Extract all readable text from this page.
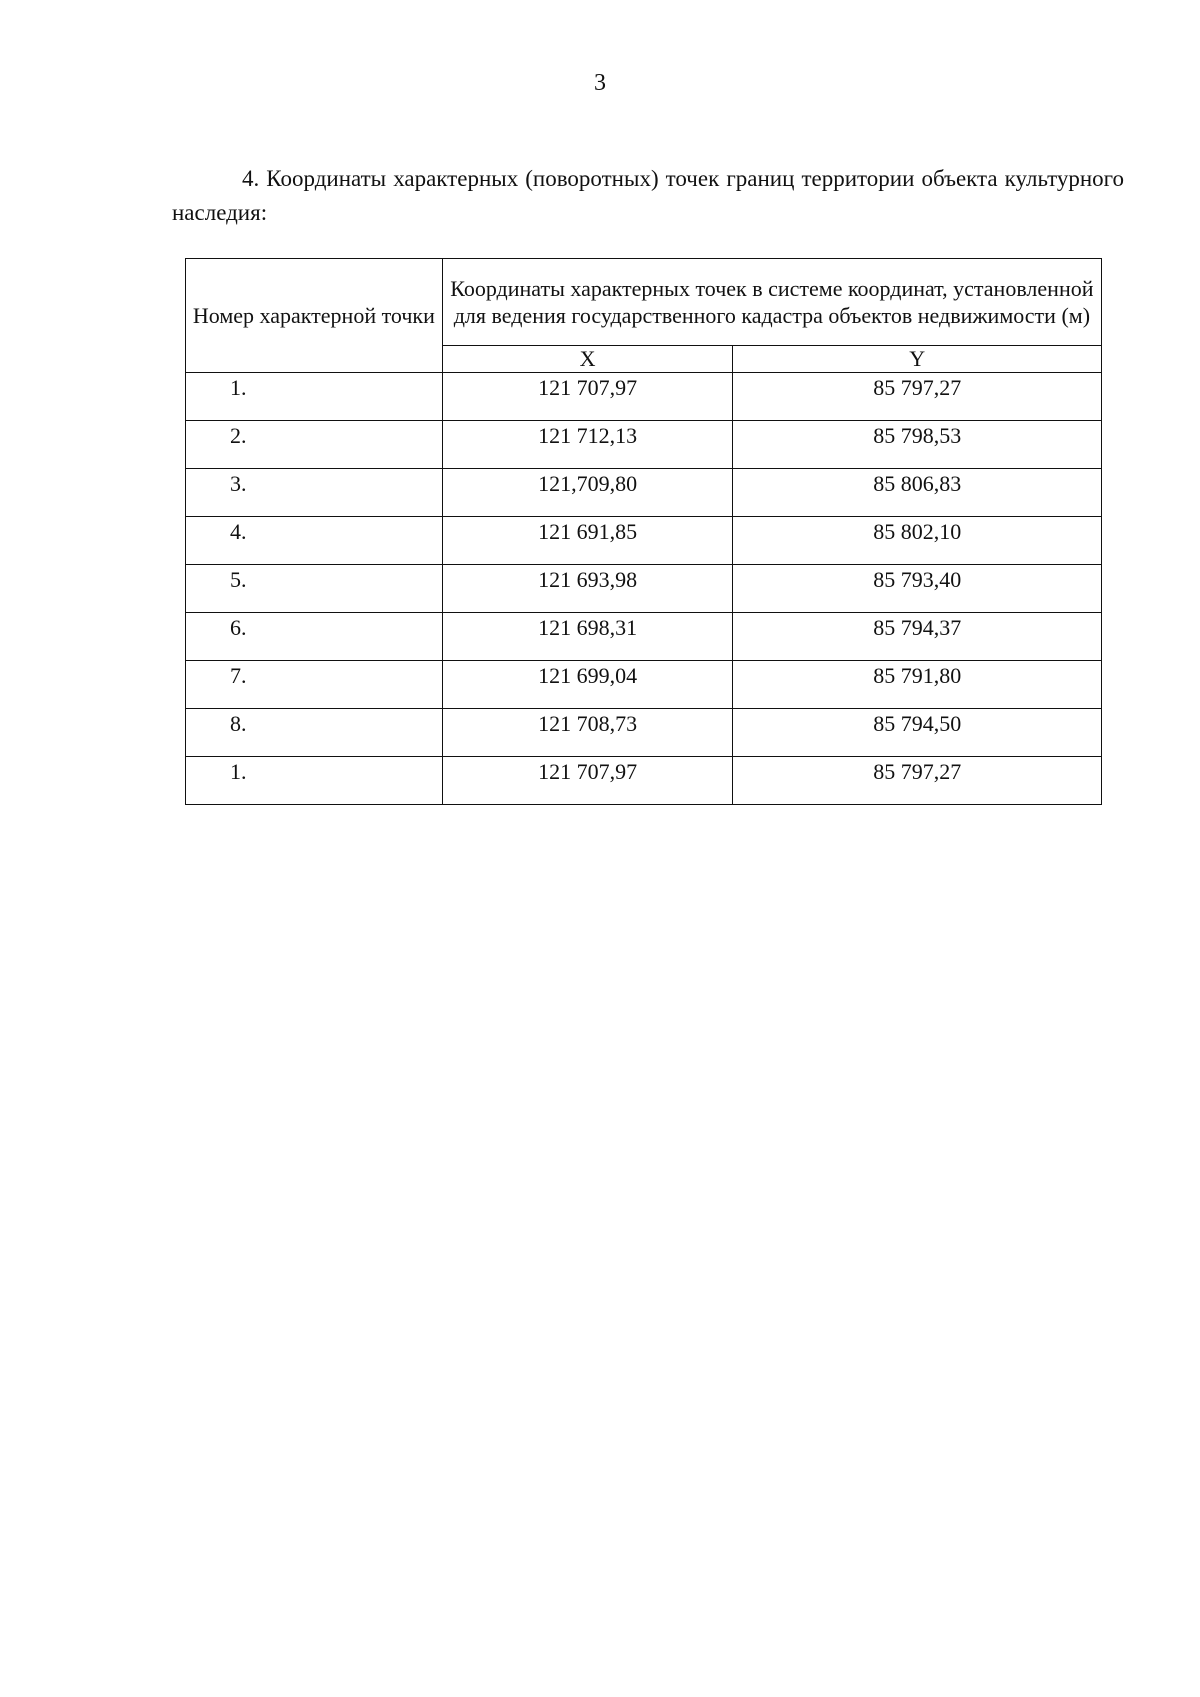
3

4. Координаты характерных (поворотных) точек границ территории объекта культурного наследия:

Номер характерной точки	Координаты характерных точек в системе координат, установленной для ведения государственного кадастра объектов недвижимости (м)	
	X	Y
1.	121 707,97	85 797,27
2.	121 712,13	85 798,53
3.	121,709,80	85 806,83
4.	121 691,85	85 802,10
5.	121 693,98	85 793,40
6.	121 698,31	85 794,37
7.	121 699,04	85 791,80
8.	121 708,73	85 794,50
1.	121 707,97	85 797,27
